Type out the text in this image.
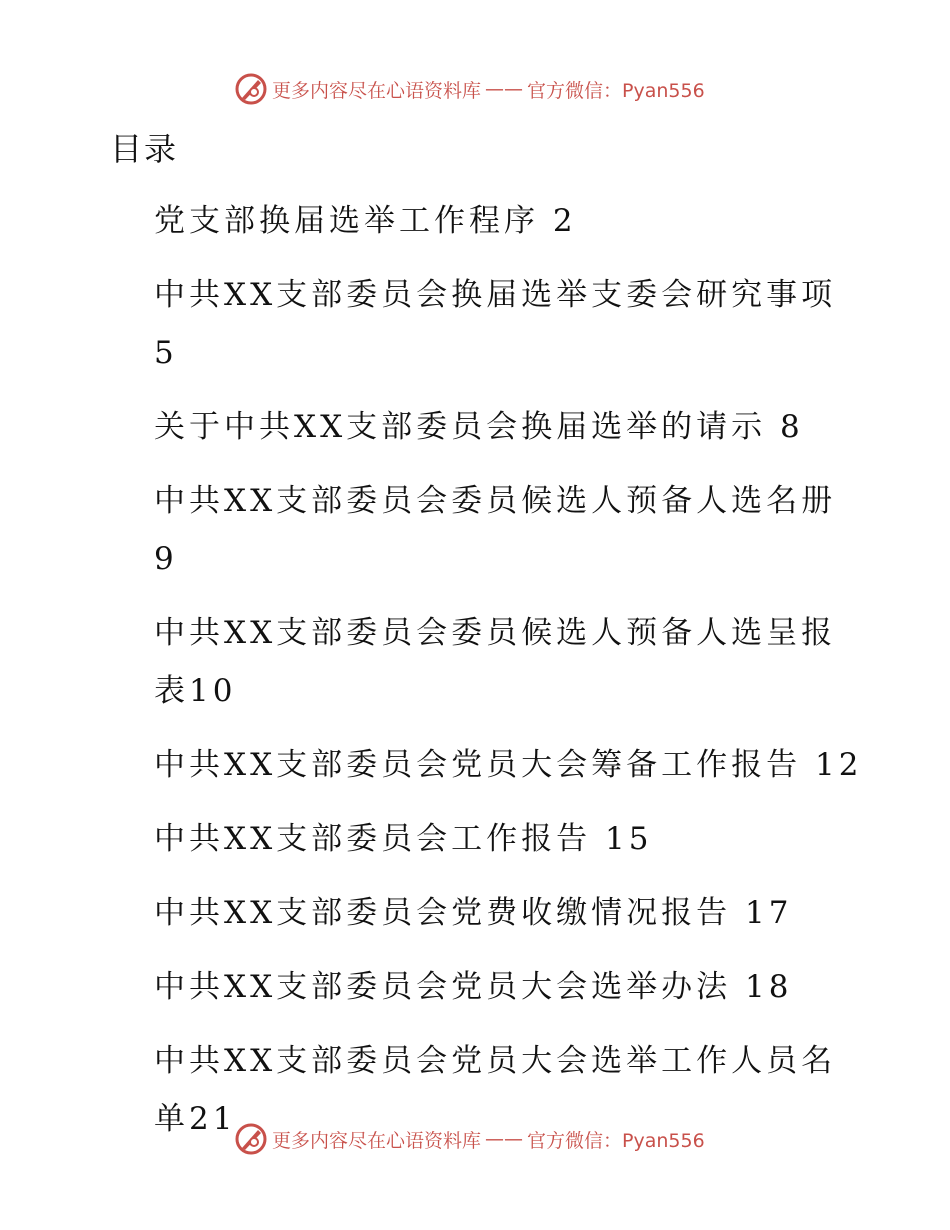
更多内容尽在心语资料库 —— 官方微信：Pyan556
目录
党支部换届选举工作程序 2
中共XX支部委员会换届选举支委会研究事项 5
关于中共XX支部委员会换届选举的请示 8
中共XX支部委员会委员候选人预备人选名册 9
中共XX支部委员会委员候选人预备人选呈报表10
中共XX支部委员会党员大会筹备工作报告 12
中共XX支部委员会工作报告 15
中共XX支部委员会党费收缴情况报告 17
中共XX支部委员会党员大会选举办法 18
中共XX支部委员会党员大会选举工作人员名单21
更多内容尽在心语资料库 —— 官方微信：Pyan556
